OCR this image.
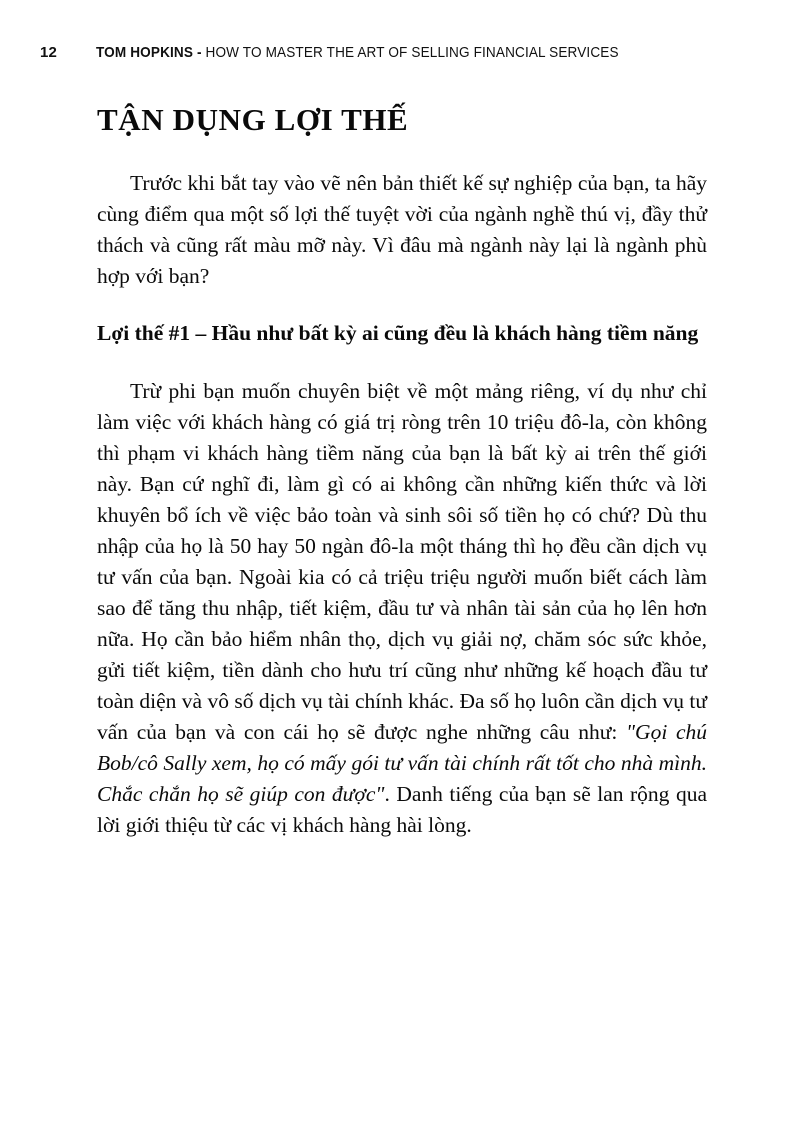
12	TOM HOPKINS - HOW TO MASTER THE ART OF SELLING FINANCIAL SERVICES
TẬN DỤNG LỢI THẾ

Trước khi bắt tay vào vẽ nên bản thiết kế sự nghiệp của bạn, ta hãy cùng điểm qua một số lợi thế tuyệt vời của ngành nghề thú vị, đầy thử thách và cũng rất màu mỡ này. Vì đâu mà ngành này lại là ngành phù hợp với bạn?

Lợi thế #1 – Hầu như bất kỳ ai cũng đều là khách hàng tiềm năng

Trừ phi bạn muốn chuyên biệt về một mảng riêng, ví dụ như chỉ làm việc với khách hàng có giá trị ròng trên 10 triệu đô-la, còn không thì phạm vi khách hàng tiềm năng của bạn là bất kỳ ai trên thế giới này. Bạn cứ nghĩ đi, làm gì có ai không cần những kiến thức và lời khuyên bổ ích về việc bảo toàn và sinh sôi số tiền họ có chứ? Dù thu nhập của họ là 50 hay 50 ngàn đô-la một tháng thì họ đều cần dịch vụ tư vấn của bạn. Ngoài kia có cả triệu triệu người muốn biết cách làm sao để tăng thu nhập, tiết kiệm, đầu tư và nhân tài sản của họ lên hơn nữa. Họ cần bảo hiểm nhân thọ, dịch vụ giải nợ, chăm sóc sức khỏe, gửi tiết kiệm, tiền dành cho hưu trí cũng như những kế hoạch đầu tư toàn diện và vô số dịch vụ tài chính khác. Đa số họ luôn cần dịch vụ tư vấn của bạn và con cái họ sẽ được nghe những câu như: "Gọi chú Bob/cô Sally xem, họ có mấy gói tư vấn tài chính rất tốt cho nhà mình. Chắc chắn họ sẽ giúp con được". Danh tiếng của bạn sẽ lan rộng qua lời giới thiệu từ các vị khách hàng hài lòng.
